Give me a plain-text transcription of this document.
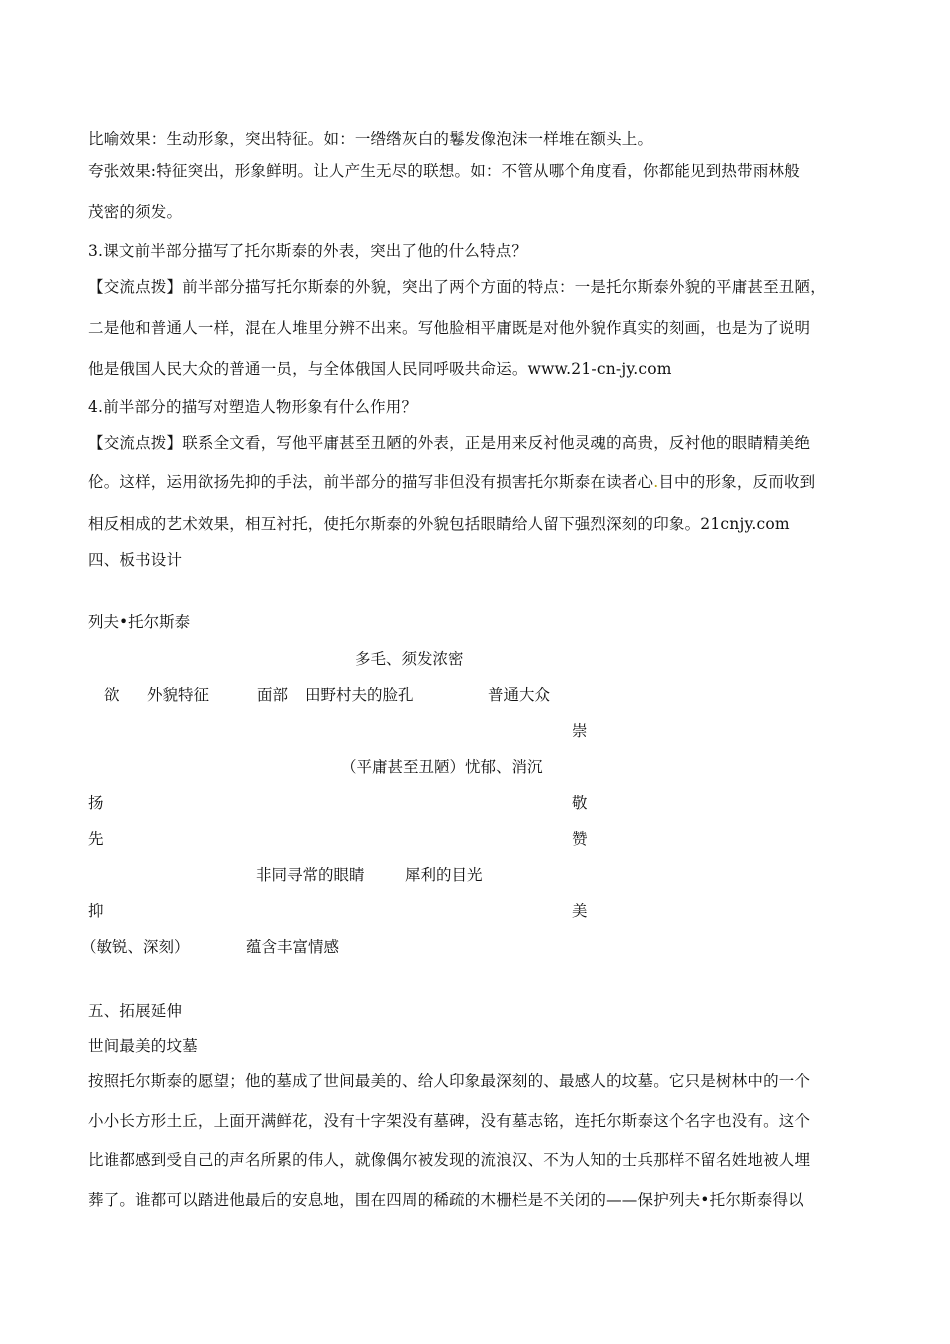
比喻效果：生动形象，突出特征。如：一绺绺灰白的鬈发像泡沫一样堆在额头上。
夸张效果:特征突出，形象鲜明。让人产生无尽的联想。如：不管从哪个角度看，你都能见到热带雨林般
茂密的须发。
3.课文前半部分描写了托尔斯泰的外表，突出了他的什么特点？
【交流点拨】前半部分描写托尔斯泰的外貌，突出了两个方面的特点：一是托尔斯泰外貌的平庸甚至丑陋，
二是他和普通人一样，混在人堆里分辨不出来。写他脸相平庸既是对他外貌作真实的刻画，也是为了说明
他是俄国人民大众的普通一员，与全体俄国人民同呼吸共命运。www.21-cn-jy.com
4.前半部分的描写对塑造人物形象有什么作用？
【交流点拨】联系全文看，写他平庸甚至丑陋的外表，正是用来反衬他灵魂的高贵，反衬他的眼睛精美绝
伦。这样，运用欲扬先抑的手法，前半部分的描写非但没有损害托尔斯泰在读者心.目中的形象，反而收到
相反相成的艺术效果，相互衬托，使托尔斯泰的外貌包括眼睛给人留下强烈深刻的印象。21cnjy.com
四、板书设计
列夫•托尔斯泰
多毛、须发浓密
欲 外貌特征	面部 田野村夫的脸孔	普通大众
崇
（平庸甚至丑陋）忧郁、消沉
扬	敬
先	赞
非同寻常的眼睛	犀利的目光
抑	美
（敏锐、深刻）	蕴含丰富情感
五、拓展延伸
世间最美的坟墓
按照托尔斯泰的愿望；他的墓成了世间最美的、给人印象最深刻的、最感人的坟墓。它只是树林中的一个
小小长方形土丘，上面开满鲜花，没有十字架没有墓碑，没有墓志铭，连托尔斯泰这个名字也没有。这个
比谁都感到受自己的声名所累的伟人，就像偶尔被发现的流浪汉、不为人知的士兵那样不留名姓地被人埋
葬了。谁都可以踏进他最后的安息地，围在四周的稀疏的木栅栏是不关闭的——保护列夫•托尔斯泰得以
